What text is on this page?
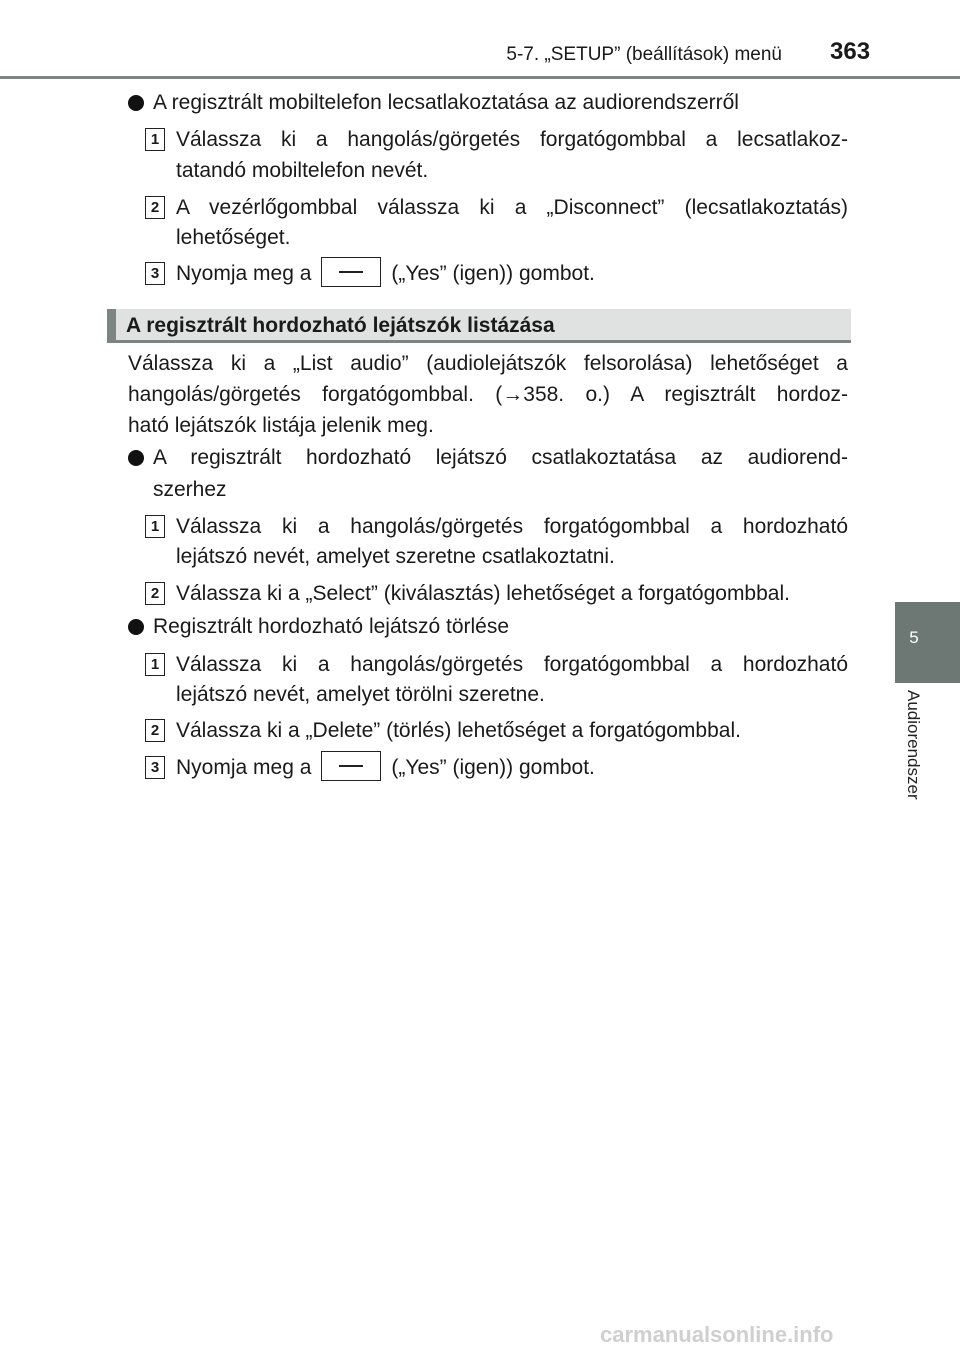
5-7. „SETUP” (beállítások) menü 363
A regisztrált mobiltelefon lecsatlakoztatása az audiorendszerről
1 Válassza ki a hangolás/görgetés forgatógombbal a lecsatlakoz-
tatandó mobiltelefon nevét.
2 A vezérlőgombbal válassza ki a „Disconnect” (lecsatlakoztatás)
lehetőséget.
3 Nyomja meg a	(„Yes” (igen)) gombot.
A regisztrált hordozható lejátszók listázása
Válassza ki a „List audio” (audiolejátszók felsorolása) lehetőséget a
hangolás/görgetés forgatógombbal. (→358. o.) A regisztrált hordoz-
ható lejátszók listája jelenik meg.
A regisztrált hordozható lejátszó csatlakoztatása az audiorend-
szerhez
1 Válassza ki a hangolás/görgetés forgatógombbal a hordozható
lejátszó nevét, amelyet szeretne csatlakoztatni.
2 Válassza ki a „Select” (kiválasztás) lehetőséget a forgatógombbal.
Regisztrált hordozható lejátszó törlése
1 Válassza ki a hangolás/görgetés forgatógombbal a hordozható
lejátszó nevét, amelyet törölni szeretne.
2 Válassza ki a „Delete” (törlés) lehetőséget a forgatógombbal.
3 Nyomja meg a	(„Yes” (igen)) gombot.
5
Audiorendszer
carmanualsonline.info
